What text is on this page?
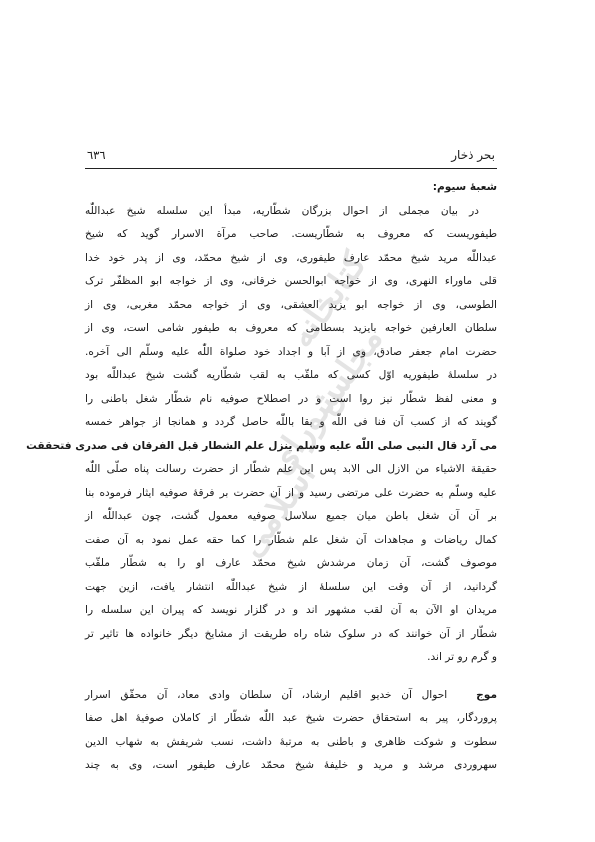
بحر ذخار
٦٣٦

شعبهٔ سیوم:

در بیان مجملی از احوال بزرگان شطّاریه، مبدأ این سلسله شیخ عبداللّٰه

طیفوریست که معروف به شطّاریست. صاحب مرآة الاسرار گوید که شیخ

عبداللّٰه مرید شیخ محمّد عارف طیفوری، وی از شیخ محمّد، وی از پدر خود خدا

قلی ماوراء النهری، وی از خواجه ابوالحسن خرقانی، وی از خواجه ابو المظفّر ترک

الطوسی، وی از خواجه ابو یزید العشقی، وی از خواجه محمّد مغربی، وی از

سلطان العارفین خواجه بایزید بسطامی که معروف به طیفور شامی است، وی از

حضرت امام جعفر صادق، وی از آبا و اجداد خود صلواة اللّٰه علیه وسلّم الی آخره.

در سلسلهٔ طیفوریه اوّل کسی که ملقّب به لقب شطّاریه گشت شیخ عبداللّٰه بود

و معنی لفظ شطّار نیز روا است و در اصطلاح صوفیه نام شطّار شغل باطنی را

گویند که از کسب آن فنا فی اللّٰه و بقا باللّٰه حاصل گردد و همانجا از جواهر خمسه

می آرد قال النبی صلی اللّٰه علیه وسلم ینزل علم الشطار قبل الفرقان فی صدری فتحققت

حقیقة الاشیاء من الازل الی الابد پس این علم شطّار از حضرت رسالت پناه صلّی اللّٰه

علیه وسلّم به حضرت علی مرتضی رسید و از آن حضرت بر فرقهٔ صوفیه ایثار فرموده بنا

بر آن آن شغل باطن میان جمیع سلاسل صوفیه معمول گشت، چون عبداللّٰه از

کمال ریاضات و مجاهدات آن شغل علم شطّار را کما حقه عمل نمود به آن صفت

موصوف گشت، آن زمان مرشدش شیخ محمّد عارف او را به شطّار ملقّب

گردانید، از آن وقت این سلسلهٔ از شیخ عبداللّٰه انتشار یافت، ازین جهت

مریدان او الآن به آن لقب مشهور اند و در گلزار نویسد که پیران این سلسله را

شطّار از آن خوانند که در سلوک شاه راه طریقت از مشایخ دیگر خانواده ها تاثیر تر

و گرم رو تر اند.

موج   احوال آن خدیو اقلیم ارشاد، آن سلطان وادی معاد، آن محقّق اسرار

پروردگار، پیر به استحقاق حضرت شیخ عبد اللّٰه شطّار از کاملان صوفیهٔ اهل صفا

سطوت و شوکت ظاهری و باطنی به مرتبهٔ داشت، نسب شریفش به شهاب الدین

سهروردی مرشد و مرید و خلیفهٔ شیخ محمّد عارف طیفور است، وی به چند

کتابخانه
مجلس
شورای
اسلامی
